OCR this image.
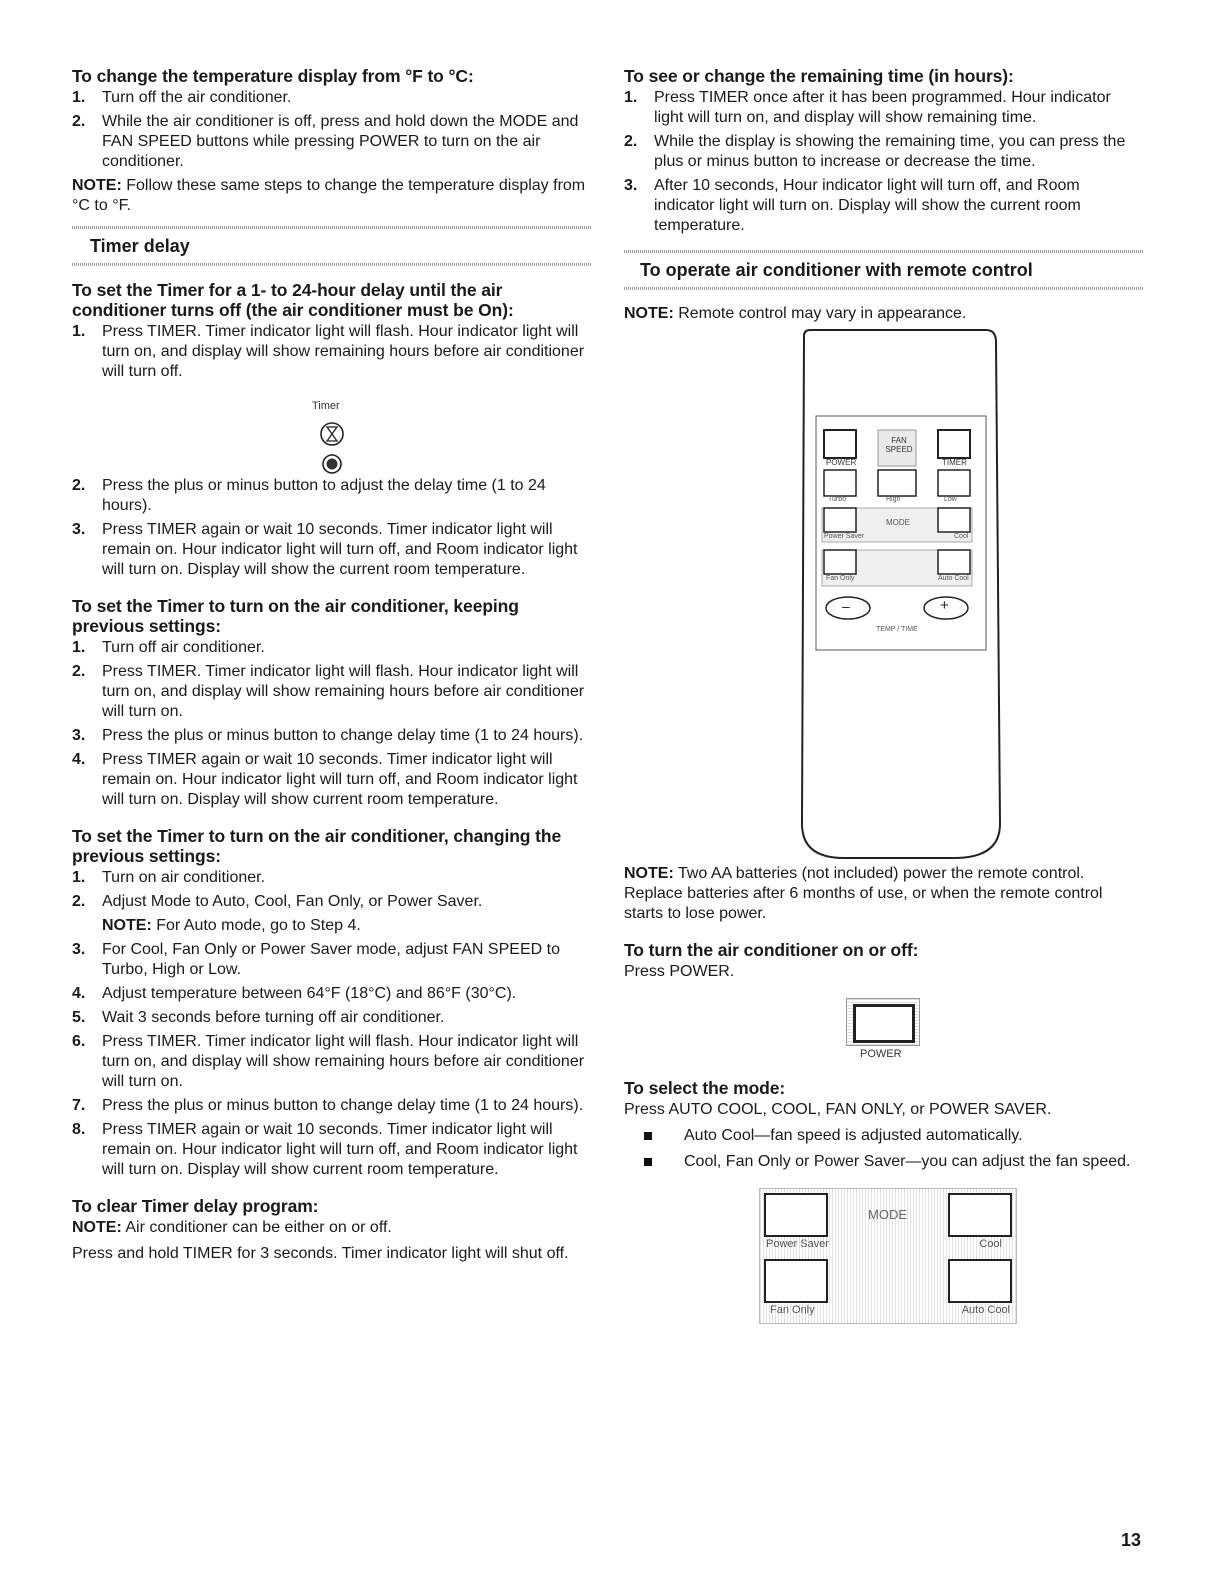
To change the temperature display from °F to °C:
1. Turn off the air conditioner.
2. While the air conditioner is off, press and hold down the MODE and FAN SPEED buttons while pressing POWER to turn on the air conditioner.

NOTE: Follow these same steps to change the temperature display from °C to °F.

Timer delay
To set the Timer for a 1- to 24-hour delay until the air conditioner turns off (the air conditioner must be On):
1. Press TIMER. Timer indicator light will flash. Hour indicator light will turn on, and display will show remaining hours before air conditioner will turn off.
Timer
2. Press the plus or minus button to adjust the delay time (1 to 24 hours).
3. Press TIMER again or wait 10 seconds. Timer indicator light will remain on. Hour indicator light will turn off, and Room indicator light will turn on. Display will show the current room temperature.
To set the Timer to turn on the air conditioner, keeping previous settings:
1. Turn off air conditioner.
2. Press TIMER. Timer indicator light will flash. Hour indicator light will turn on, and display will show remaining hours before air conditioner will turn on.
3. Press the plus or minus button to change delay time (1 to 24 hours).
4. Press TIMER again or wait 10 seconds. Timer indicator light will remain on. Hour indicator light will turn off, and Room indicator light will turn on. Display will show current room temperature.
To set the Timer to turn on the air conditioner, changing the previous settings:
1. Turn on air conditioner.
2. Adjust Mode to Auto, Cool, Fan Only, or Power Saver.
NOTE: For Auto mode, go to Step 4.
3. For Cool, Fan Only or Power Saver mode, adjust FAN SPEED to Turbo, High or Low.
4. Adjust temperature between 64°F (18°C) and 86°F (30°C).
5. Wait 3 seconds before turning off air conditioner.
6. Press TIMER. Timer indicator light will flash. Hour indicator light will turn on, and display will show remaining hours before air conditioner will turn on.
7. Press the plus or minus button to change delay time (1 to 24 hours).
8. Press TIMER again or wait 10 seconds. Timer indicator light will remain on. Hour indicator light will turn off, and Room indicator light will turn on. Display will show current room temperature.
To clear Timer delay program:

NOTE: Air conditioner can be either on or off.

Press and hold TIMER for 3 seconds. Timer indicator light will shut off.

To see or change the remaining time (in hours):
1. Press TIMER once after it has been programmed. Hour indicator light will turn on, and display will show remaining time.
2. While the display is showing the remaining time, you can press the plus or minus button to increase or decrease the time.
3. After 10 seconds, Hour indicator light will turn off, and Room indicator light will turn on. Display will show the current room temperature.
To operate air conditioner with remote control

NOTE: Remote control may vary in appearance.

POWER
FAN SPEED
TIMER
Turbo	High	Low
MODE
Power Saver	Cool
Fan Only	Auto Cool
–	+
TEMP / TIME

NOTE: Two AA batteries (not included) power the remote control. Replace batteries after 6 months of use, or when the remote control starts to lose power.

To turn the air conditioner on or off:

Press POWER.

POWER
To select the mode:

Press AUTO COOL, COOL, FAN ONLY, or POWER SAVER.

Auto Cool—fan speed is adjusted automatically.
Cool, Fan Only or Power Saver—you can adjust the fan speed.
MODE
Power Saver	Cool
Fan Only	Auto Cool
13
